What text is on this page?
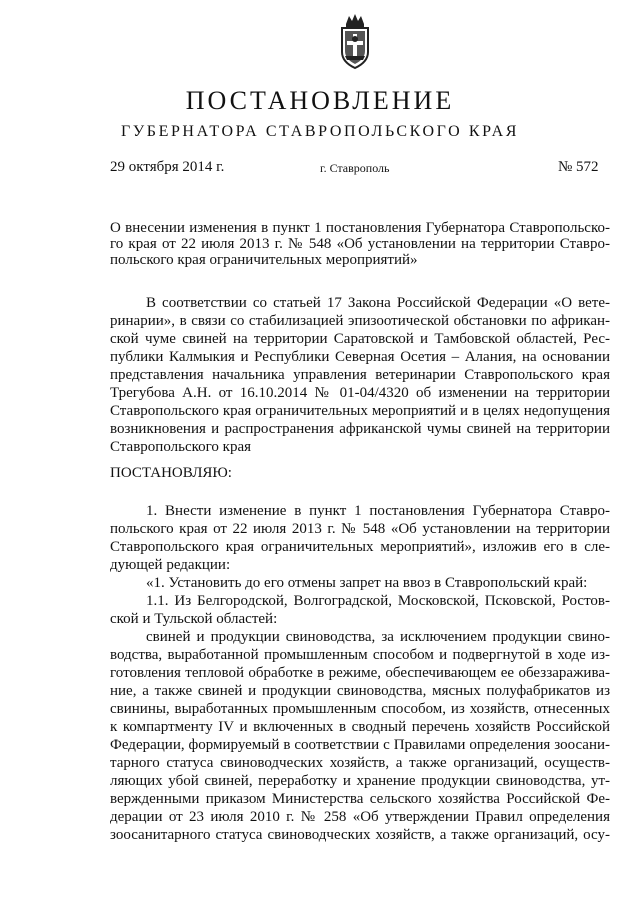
ПОСТАНОВЛЕНИЕ
ГУБЕРНАТОРА СТАВРОПОЛЬСКОГО КРАЯ
29 октября 2014 г.	г. Ставрополь	№ 572
О внесении изменения в пункт 1 постановления Губернатора Ставропольско-
го края от 22 июля 2013 г. № 548 «Об установлении на территории Ставро-
польского края ограничительных мероприятий»
В соответствии со статьей 17 Закона Российской Федерации «О вете-
ринарии», в связи со стабилизацией эпизоотической обстановки по африкан-
ской чуме свиней на территории Саратовской и Тамбовской областей, Рес-
публики Калмыкия и Республики Северная Осетия – Алания, на основании
представления начальника управления ветеринарии Ставропольского края
Трегубова А.Н. от 16.10.2014 № 01-04/4320 об изменении на территории
Ставропольского края ограничительных мероприятий и в целях недопущения
возникновения и распространения африканской чумы свиней на территории
Ставропольского края
ПОСТАНОВЛЯЮ:
1. Внести изменение в пункт 1 постановления Губернатора Ставро-
польского края от 22 июля 2013 г. № 548 «Об установлении на территории
Ставропольского края ограничительных мероприятий», изложив его в сле-
дующей редакции:
«1. Установить до его отмены запрет на ввоз в Ставропольский край:
1.1. Из Белгородской, Волгоградской, Московской, Псковской, Ростов-
ской и Тульской областей:
свиней и продукции свиноводства, за исключением продукции свино-
водства, выработанной промышленным способом и подвергнутой в ходе из-
готовления тепловой обработке в режиме, обеспечивающем ее обеззаражива-
ние, а также свиней и продукции свиноводства, мясных полуфабрикатов из
свинины, выработанных промышленным способом, из хозяйств, отнесенных
к компартменту IV и включенных в сводный перечень хозяйств Российской
Федерации, формируемый в соответствии с Правилами определения зоосани-
тарного статуса свиноводческих хозяйств, а также организаций, осуществ-
ляющих убой свиней, переработку и хранение продукции свиноводства, ут-
вержденными приказом Министерства сельского хозяйства Российской Фе-
дерации от 23 июля 2010 г. № 258 «Об утверждении Правил определения
зоосанитарного статуса свиноводческих хозяйств, а также организаций, осу-
